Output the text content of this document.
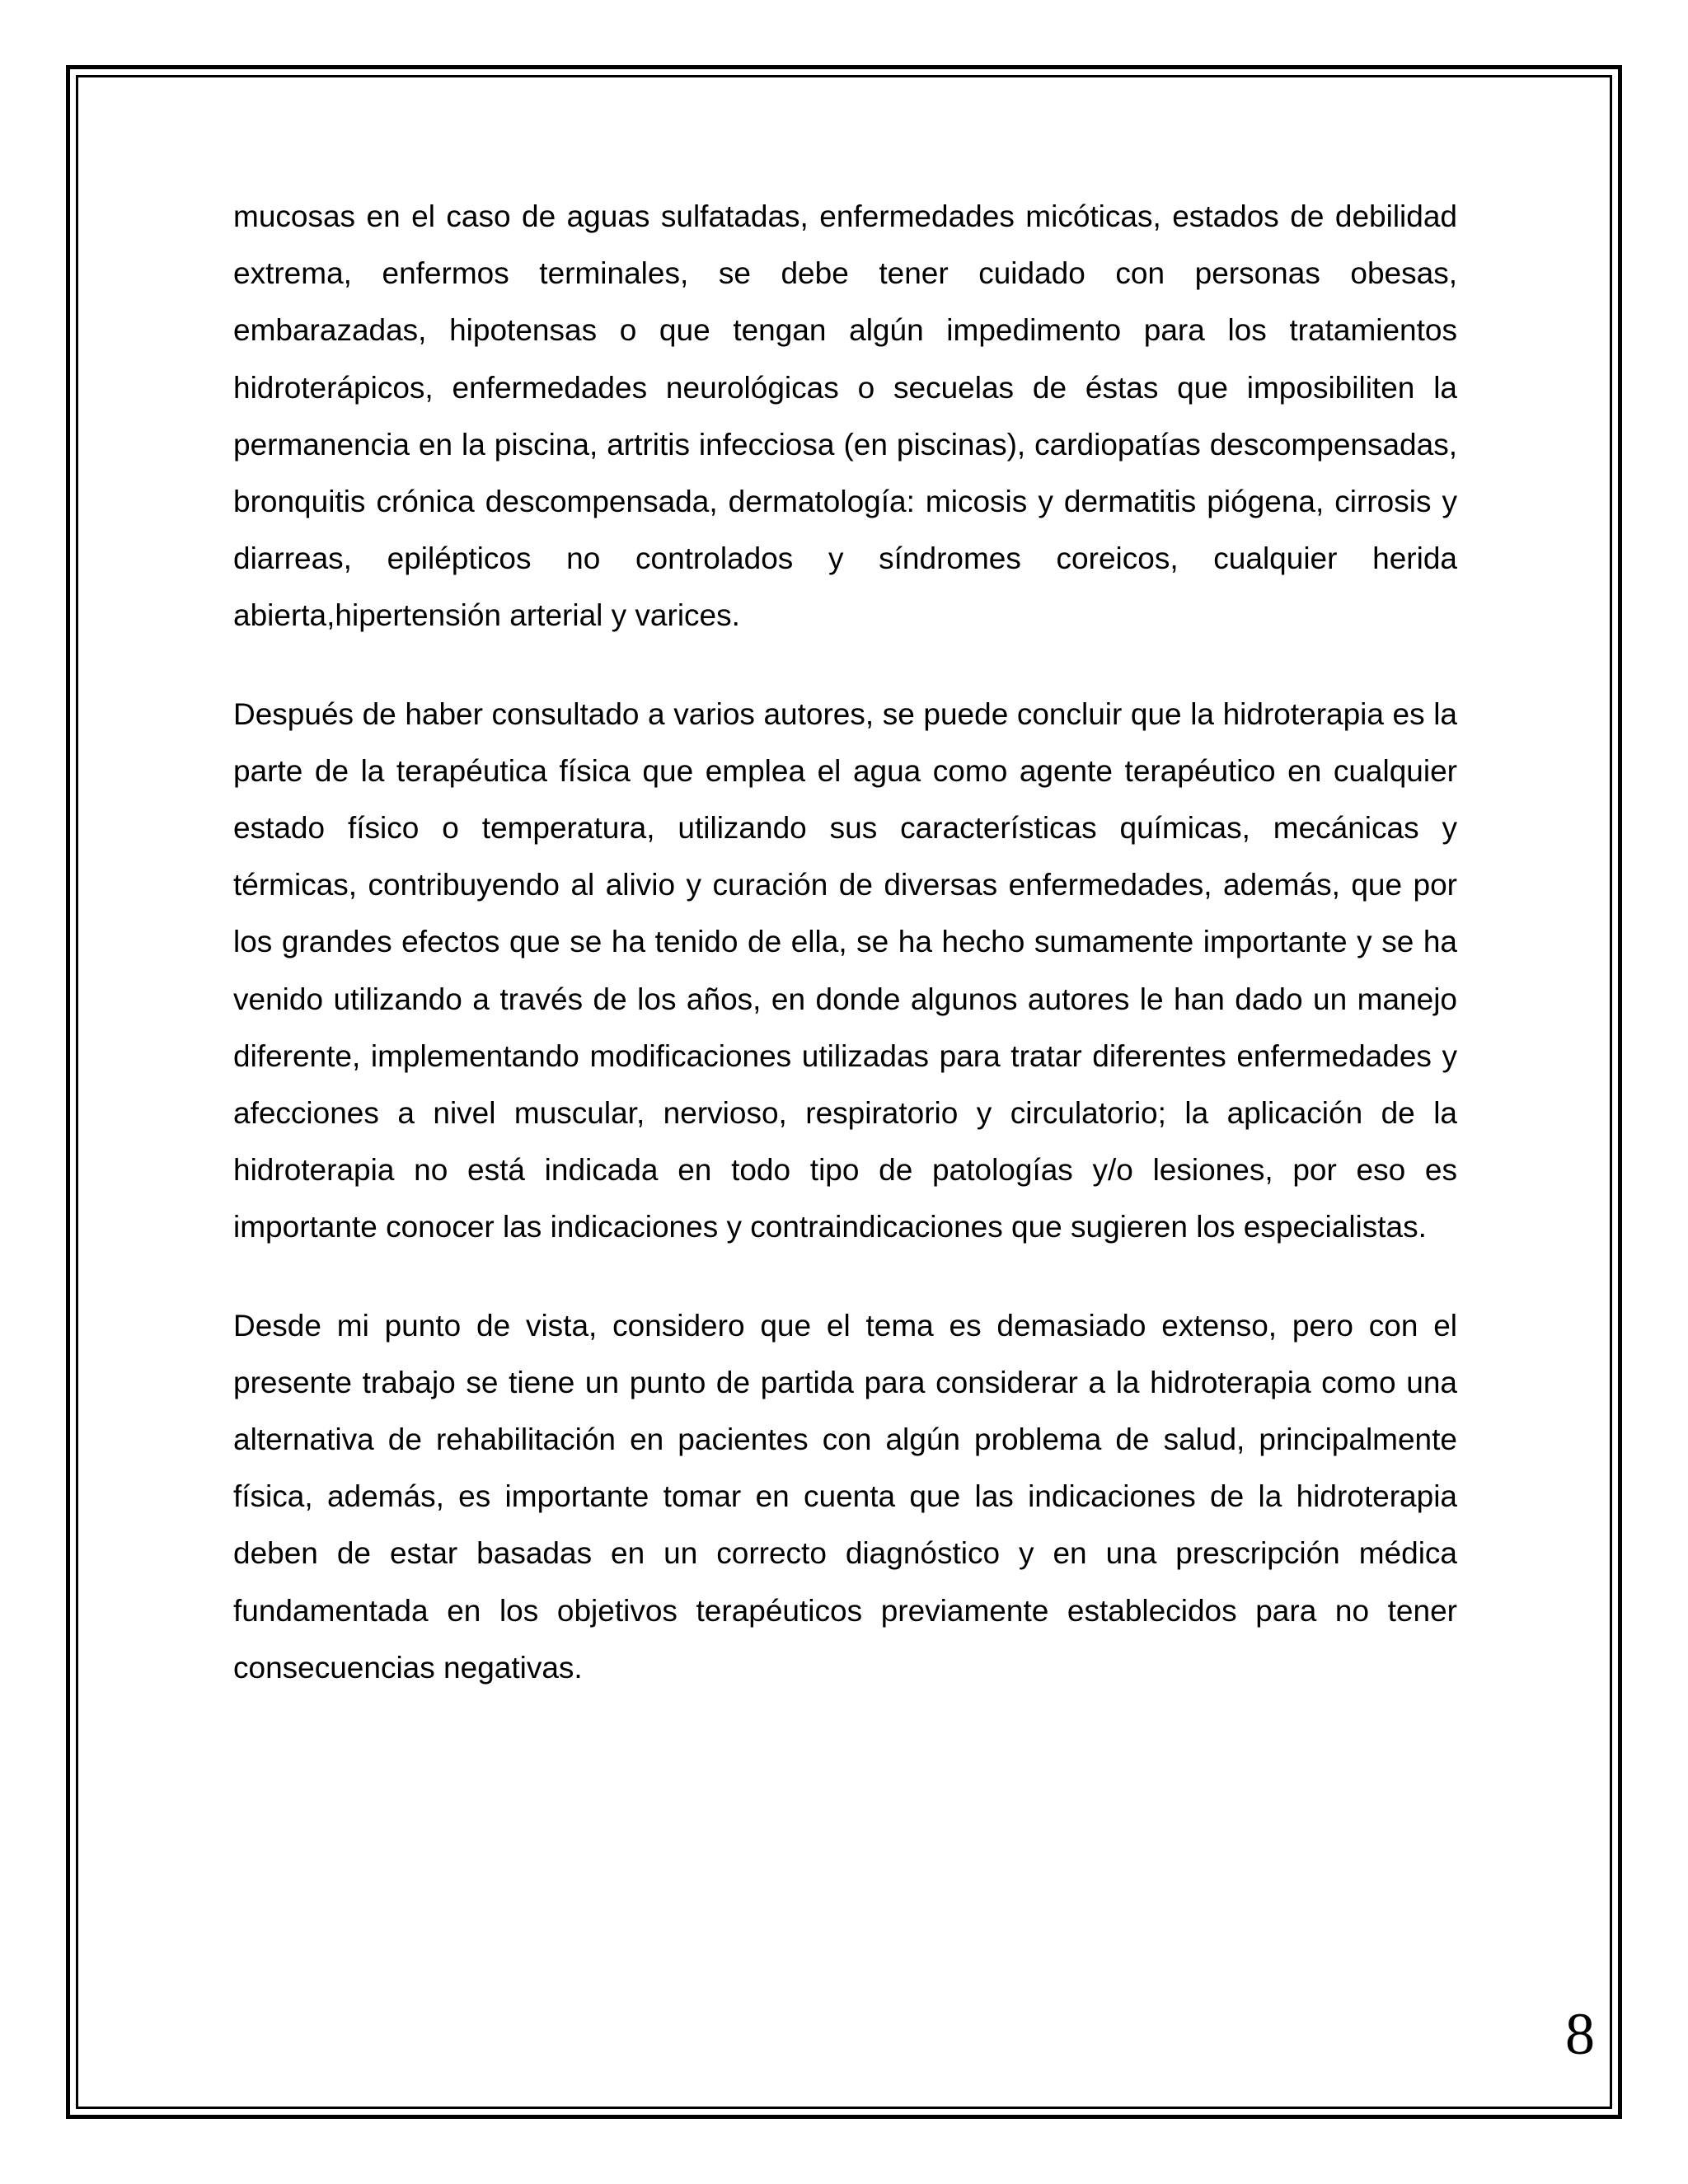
mucosas en el caso de aguas sulfatadas, enfermedades micóticas, estados de debilidad extrema, enfermos terminales, se debe tener cuidado con personas obesas, embarazadas, hipotensas o que tengan algún impedimento para los tratamientos hidroterápicos, enfermedades neurológicas o secuelas de éstas que imposibiliten la permanencia en la piscina, artritis infecciosa (en piscinas), cardiopatías descompensadas, bronquitis crónica descompensada, dermatología: micosis y dermatitis piógena, cirrosis y diarreas, epilépticos no controlados y síndromes coreicos, cualquier herida abierta,hipertensión arterial y varices.

Después de haber consultado a varios autores, se puede concluir que la hidroterapia es la parte de la terapéutica física que emplea el agua como agente terapéutico en cualquier estado físico o temperatura, utilizando sus características químicas, mecánicas y térmicas, contribuyendo al alivio y curación de diversas enfermedades, además, que por los grandes efectos que se ha tenido de ella, se ha hecho sumamente importante y se ha venido utilizando a través de los años, en donde algunos autores le han dado un manejo diferente, implementando modificaciones utilizadas para tratar diferentes enfermedades y afecciones a nivel muscular, nervioso, respiratorio y circulatorio; la aplicación de la hidroterapia no está indicada en todo tipo de patologías y/o lesiones, por eso es importante conocer las indicaciones y contraindicaciones que sugieren los especialistas.

Desde mi punto de vista, considero que el tema es demasiado extenso, pero con el presente trabajo se tiene un punto de partida para considerar a la hidroterapia como una alternativa de rehabilitación en pacientes con algún problema de salud, principalmente física, además, es importante tomar en cuenta que las indicaciones de la hidroterapia deben de estar basadas en un correcto diagnóstico y en una prescripción médica fundamentada en los objetivos terapéuticos previamente establecidos para no tener consecuencias negativas.

8
